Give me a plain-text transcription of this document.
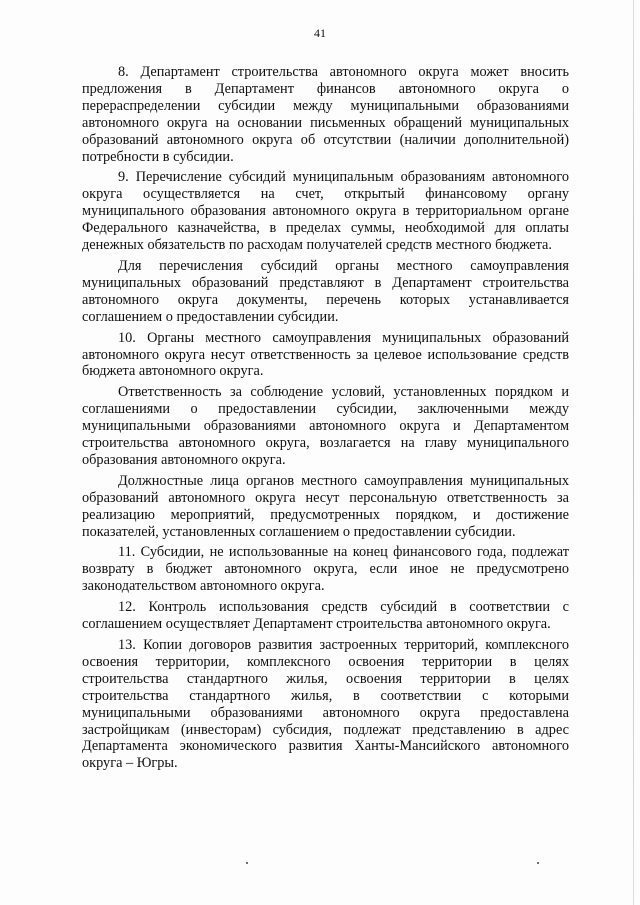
41

8. Департамент строительства автономного округа может вносить предложения в Департамент финансов автономного округа о перераспределении субсидии между муниципальными образованиями автономного округа на основании письменных обращений муниципальных образований автономного округа об отсутствии (наличии дополнительной) потребности в субсидии.

9. Перечисление субсидий муниципальным образованиям автономного округа осуществляется на счет, открытый финансовому органу муниципального образования автономного округа в территориальном органе Федерального казначейства, в пределах суммы, необходимой для оплаты денежных обязательств по расходам получателей средств местного бюджета.

Для перечисления субсидий органы местного самоуправления муниципальных образований представляют в Департамент строительства автономного округа документы, перечень которых устанавливается соглашением о предоставлении субсидии.

10. Органы местного самоуправления муниципальных образований автономного округа несут ответственность за целевое использование средств бюджета автономного округа.

Ответственность за соблюдение условий, установленных порядком и соглашениями о предоставлении субсидии, заключенными между муниципальными образованиями автономного округа и Департаментом строительства автономного округа, возлагается на главу муниципального образования автономного округа.

Должностные лица органов местного самоуправления муниципальных образований автономного округа несут персональную ответственность за реализацию мероприятий, предусмотренных порядком, и достижение показателей, установленных соглашением о предоставлении субсидии.

11. Субсидии, не использованные на конец финансового года, подлежат возврату в бюджет автономного округа, если иное не предусмотрено законодательством автономного округа.

12. Контроль использования средств субсидий в соответствии с соглашением осуществляет Департамент строительства автономного округа.

13. Копии договоров развития застроенных территорий, комплексного освоения территории, комплексного освоения территории в целях строительства стандартного жилья, освоения территории в целях строительства стандартного жилья, в соответствии с которыми муниципальными образованиями автономного округа предоставлена застройщикам (инвесторам) субсидия, подлежат представлению в адрес Департамента экономического развития Ханты-Мансийского автономного округа – Югры.
